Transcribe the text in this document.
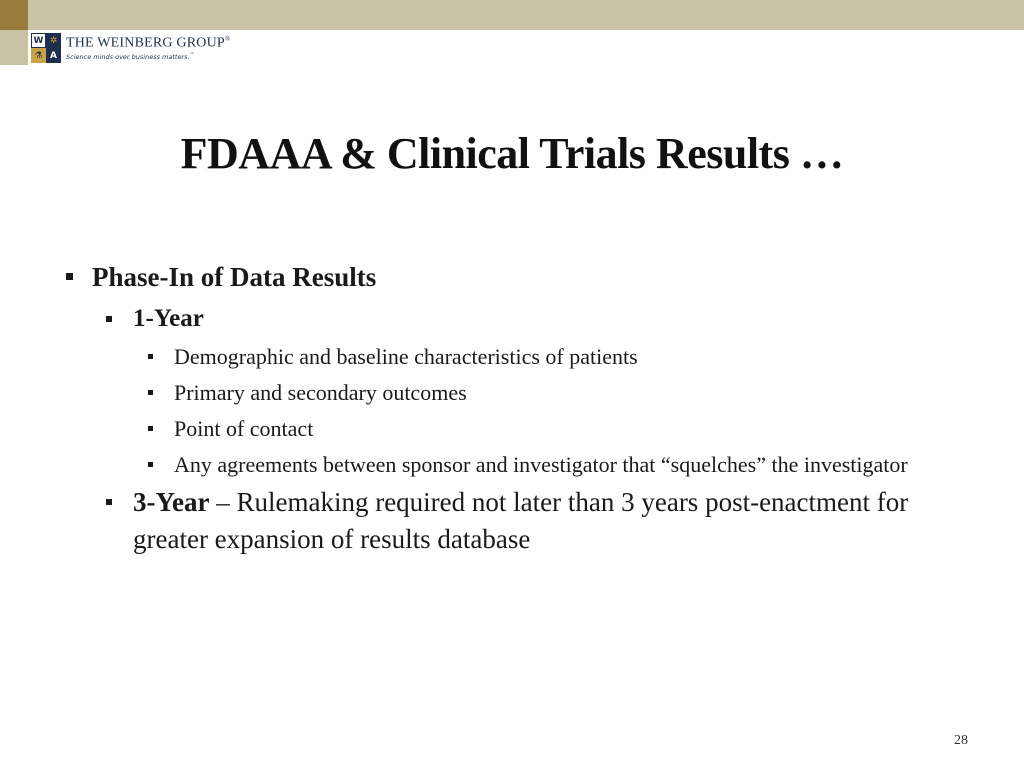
W ✲
⚗ A
THE WEINBERG GROUP®
Science minds over business matters.™
FDAAA & Clinical Trials Results …
Phase-In of Data Results
1-Year
Demographic and baseline characteristics of patients
Primary and secondary outcomes
Point of contact
Any agreements between sponsor and investigator that “squelches” the investigator
3-Year – Rulemaking required not later than 3 years post-enactment for greater expansion of results database
28
